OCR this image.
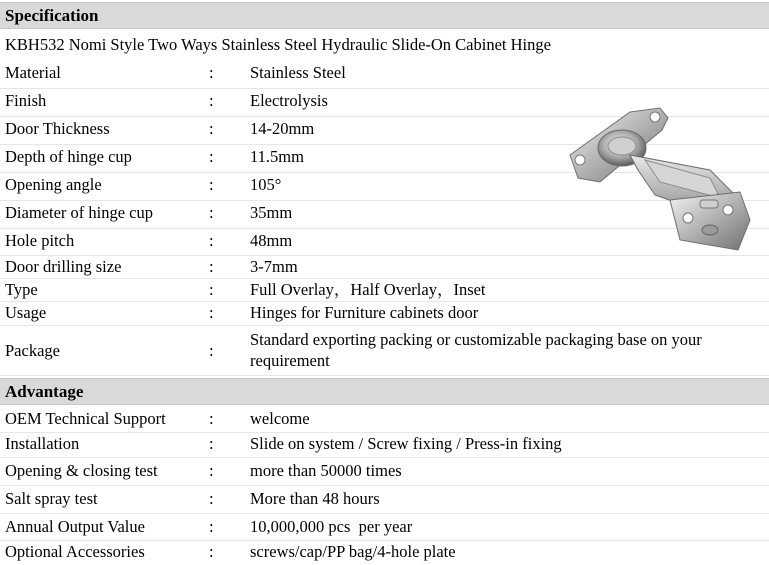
Specification
KBH532 Nomi Style Two Ways Stainless Steel Hydraulic Slide-On Cabinet Hinge
Material	: Stainless Steel
Finish	: Electrolysis
Door Thickness	: 14-20mm
Depth of hinge cup	: 11.5mm
Opening angle	: 105°
Diameter of hinge cup	: 35mm
Hole pitch	: 48mm
Door drilling size	: 3-7mm
Type	: Full Overlay，Half Overlay，Inset
Usage	: Hinges for Furniture cabinets door
Package	:
Standard exporting packing or customizable packaging base on your requirement
Advantage
OEM Technical Support	: welcome
Installation	: Slide on system / Screw fixing / Press-in fixing
Opening & closing test	: more than 50000 times
Salt spray test	: More than 48 hours
Annual Output Value	: 10,000,000 pcs  per year
Optional Accessories	: screws/cap/PP bag/4-hole plate
